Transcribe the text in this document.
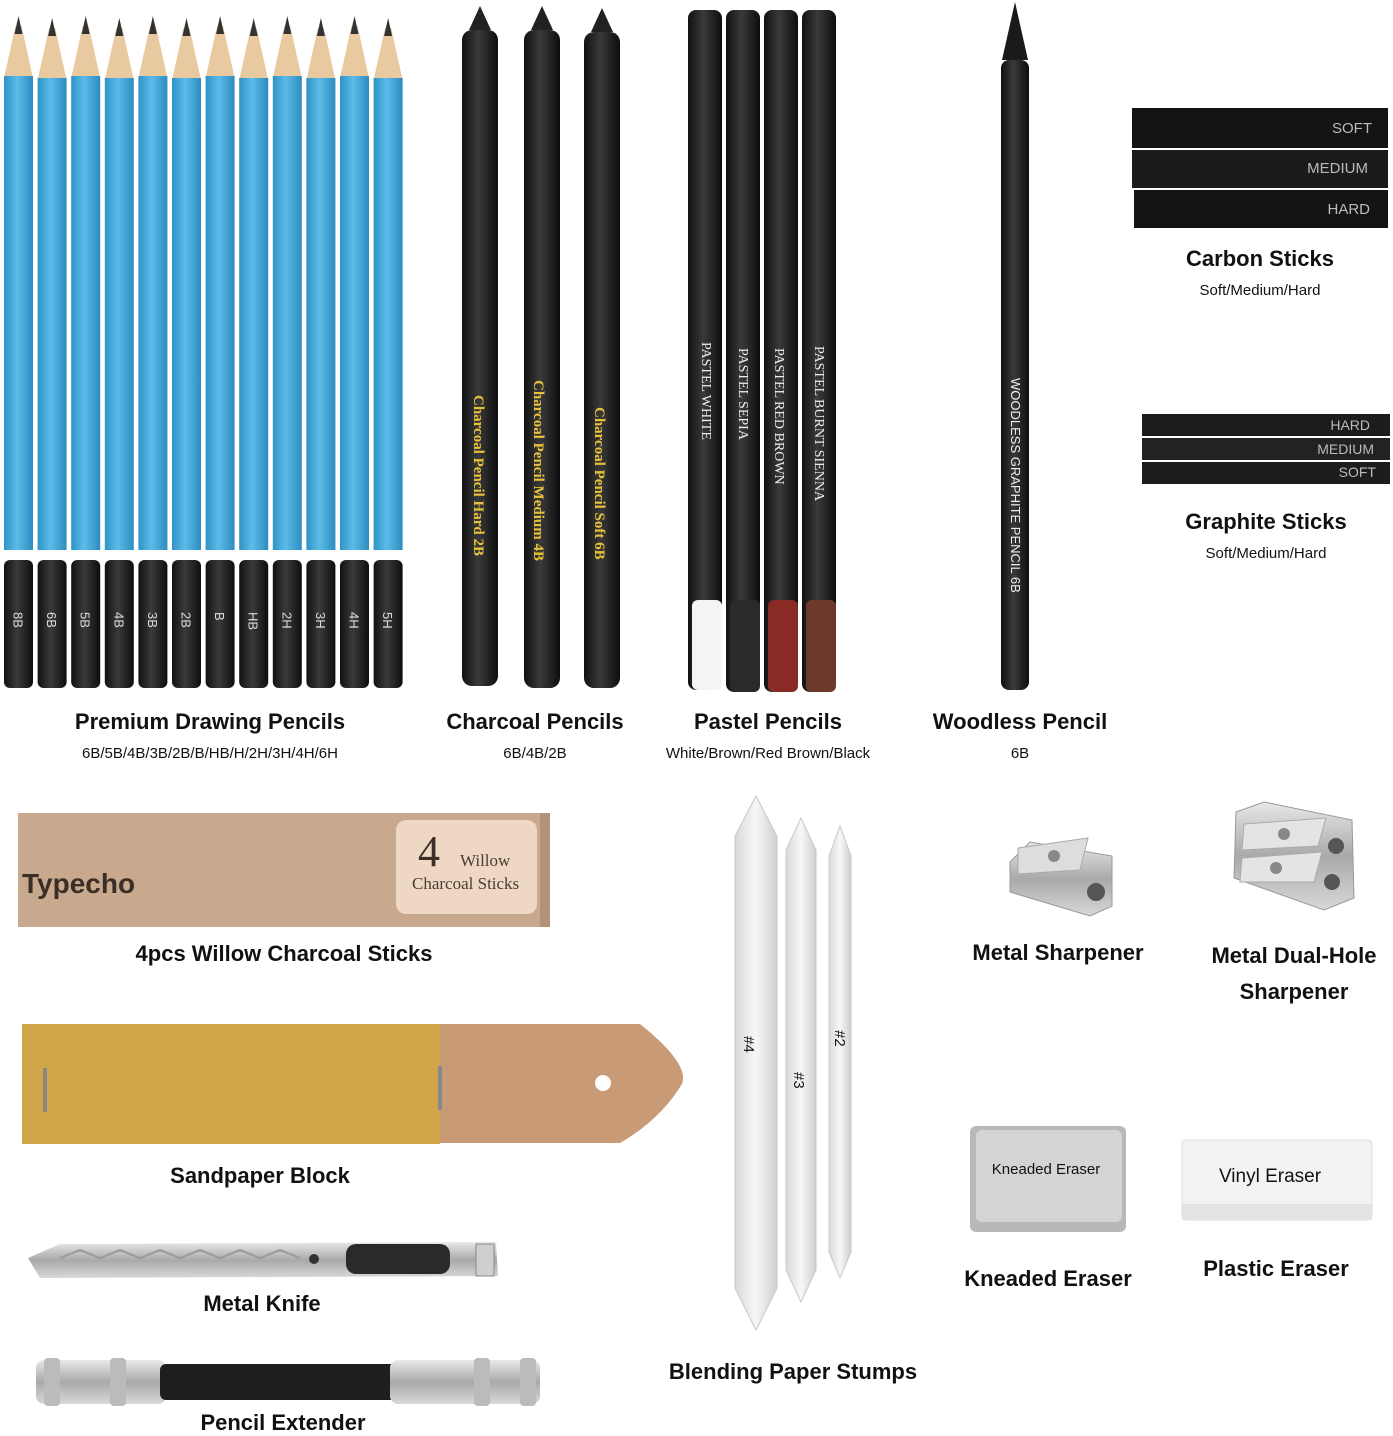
8B 6B 5B 4B 3B 2B B HB 2H 3H 4H 5H
Charcoal Pencil Hard 2B	Charcoal Pencil Medium 4B	Charcoal Pencil Soft 6B
PASTEL WHITE PASTEL SEPIA PASTEL RED BROWN PASTEL BURNT SIENNA	WOODLESS GRAPHITE PENCIL 6B
SOFT
MEDIUM
HARD
HARD
MEDIUM
SOFT
Typecho
4 Willow
Charcoal Sticks
#4
#3
#2
Kneaded Eraser	Vinyl Eraser
Premium Drawing Pencils
6B/5B/4B/3B/2B/B/HB/H/2H/3H/4H/6H
Charcoal Pencils
6B/4B/2B
Pastel Pencils
White/Brown/Red Brown/Black
Woodless Pencil
6B
Carbon Sticks
Soft/Medium/Hard
Graphite Sticks
Soft/Medium/Hard
4pcs Willow Charcoal Sticks	Metal Sharpener	Metal Dual-Hole
Sharpener
Sandpaper Block
Metal Knife
Blending Paper Stumps
Kneaded Eraser	Plastic Eraser
Pencil Extender
